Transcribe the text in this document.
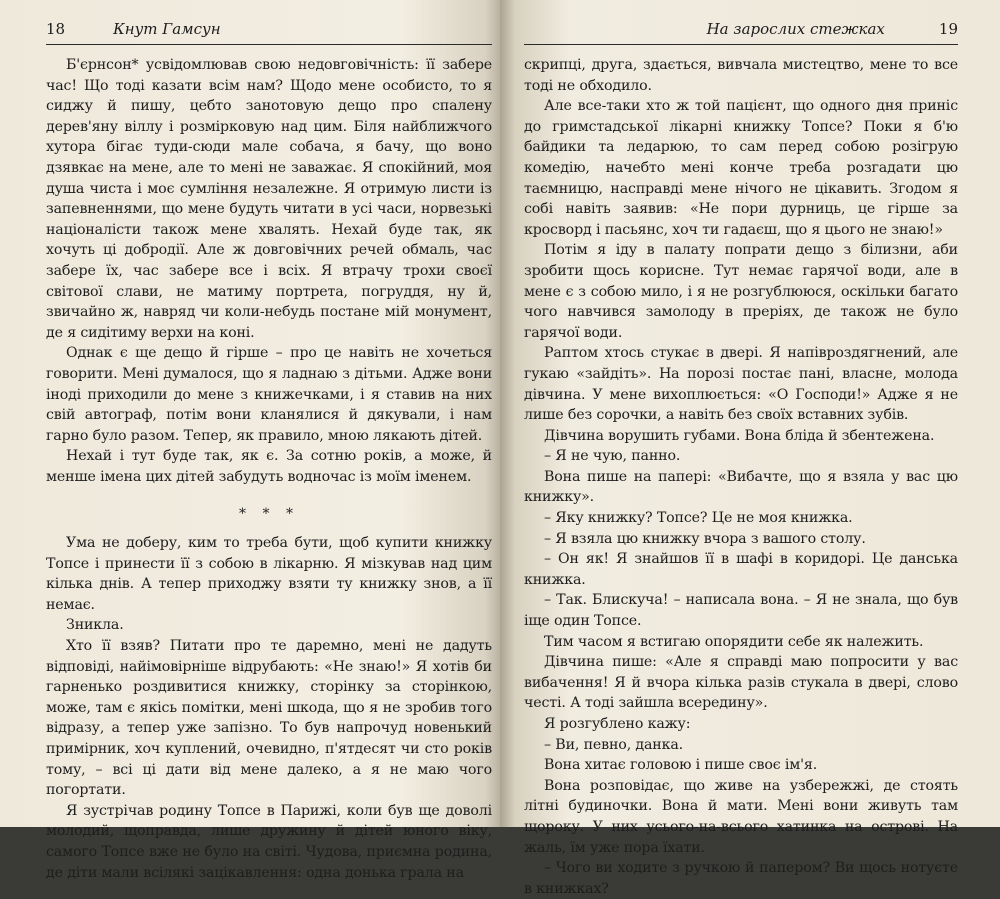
18	Кнут Гамсун

Б'єрнсон* усвідомлював свою недовговічність: її забере час! Що тоді казати всім нам? Щодо мене особисто, то я сиджу й пишу, цебто занотовую дещо про спалену дерев'яну віллу і розмірковую над цим. Біля найближчого хутора бігає туди-сюди мале собача, я бачу, що воно дзявкає на мене, але то мені не заважає. Я спокійний, моя душа чиста і моє сумління незалежне. Я отримую листи із запевненнями, що мене будуть читати в усі часи, норвезькі націоналісти також мене хвалять. Нехай буде так, як хочуть ці добродії. Але ж довговічних речей обмаль, час забере їх, час забере все і всіх. Я втрачу трохи своєї світової слави, не матиму портрета, погруддя, ну й, звичайно ж, навряд чи коли-небудь постане мій монумент, де я сидітиму верхи на коні.

Однак є ще дещо й гірше – про це навіть не хочеться говорити. Мені думалося, що я ладнаю з дітьми. Адже вони іноді приходили до мене з книжечками, і я ставив на них свій автограф, потім вони кланялися й дякували, і нам гарно було разом. Тепер, як правило, мною лякають дітей.

Нехай і тут буде так, як є. За сотню років, а може, й менше імена цих дітей забудуть водночас із моїм іменем.

* * *

Ума не доберу, ким то треба бути, щоб купити книжку Топсе і принести її з собою в лікарню. Я мізкував над цим кілька днів. А тепер приходжу взяти ту книжку знов, а її немає.

Зникла.

Хто її взяв? Питати про те даремно, мені не дадуть відповіді, найімовірніше відрубають: «Не знаю!» Я хотів би гарненько роздивитися книжку, сторінку за сторінкою, може, там є якісь помітки, мені шкода, що я не зробив того відразу, а тепер уже запізно. То був напрочуд новенький примірник, хоч куплений, очевидно, п'ятдесят чи сто років тому, – всі ці дати від мене далеко, а я не маю чого погортати.

Я зустрічав родину Топсе в Парижі, коли був ще доволі молодий, щоправда, лише дружину й дітей юного віку, самого Топсе вже не було на світі. Чудова, приємна родина, де діти мали всілякі зацікавлення: одна донька грала на

На зарослих стежках	19

скрипці, друга, здається, вивчала мистецтво, мене то все тоді не обходило.

Але все-таки хто ж той пацієнт, що одного дня приніс до гримстадської лікарні книжку Топсе? Поки я б'ю байдики та ледарюю, то сам перед собою розігрую комедію, начебто мені конче треба розгадати цю таємницю, насправді мене нічого не цікавить. Згодом я собі навіть заявив: «Не пори дурниць, це гірше за кросворд і пасьянс, хоч ти гадаєш, що я цього не знаю!»

Потім я іду в палату попрати дещо з білизни, аби зробити щось корисне. Тут немає гарячої води, але в мене є з собою мило, і я не розгублююся, оскільки багато чого навчився замолоду в преріях, де також не було гарячої води.

Раптом хтось стукає в двері. Я напівроздягнений, але гукаю «зайдіть». На порозі постає пані, власне, молода дівчина. У мене вихоплюється: «О Господи!» Адже я не лише без сорочки, а навіть без своїх вставних зубів.

Дівчина ворушить губами. Вона бліда й збентежена.

– Я не чую, панно.

Вона пише на папері: «Вибачте, що я взяла у вас цю книжку».

– Яку книжку? Топсе? Це не моя книжка.

– Я взяла цю книжку вчора з вашого столу.

– Он як! Я знайшов її в шафі в коридорі. Це данська книжка.

– Так. Блискуча! – написала вона. – Я не знала, що був іще один Топсе.

Тим часом я встигаю опорядити себе як належить.

Дівчина пише: «Але я справді маю попросити у вас вибачення! Я й вчора кілька разів стукала в двері, слово честі. А тоді зайшла всередину».

Я розгублено кажу:

– Ви, певно, данка.

Вона хитає головою і пише своє ім'я.

Вона розповідає, що живе на узбережжі, де стоять літні будиночки. Вона й мати. Мені вони живуть там щороку. У них усього-на-всього хатинка на острові. На жаль, їм уже пора їхати.

– Чого ви ходите з ручкою й папером? Ви щось нотуєте в книжках?
